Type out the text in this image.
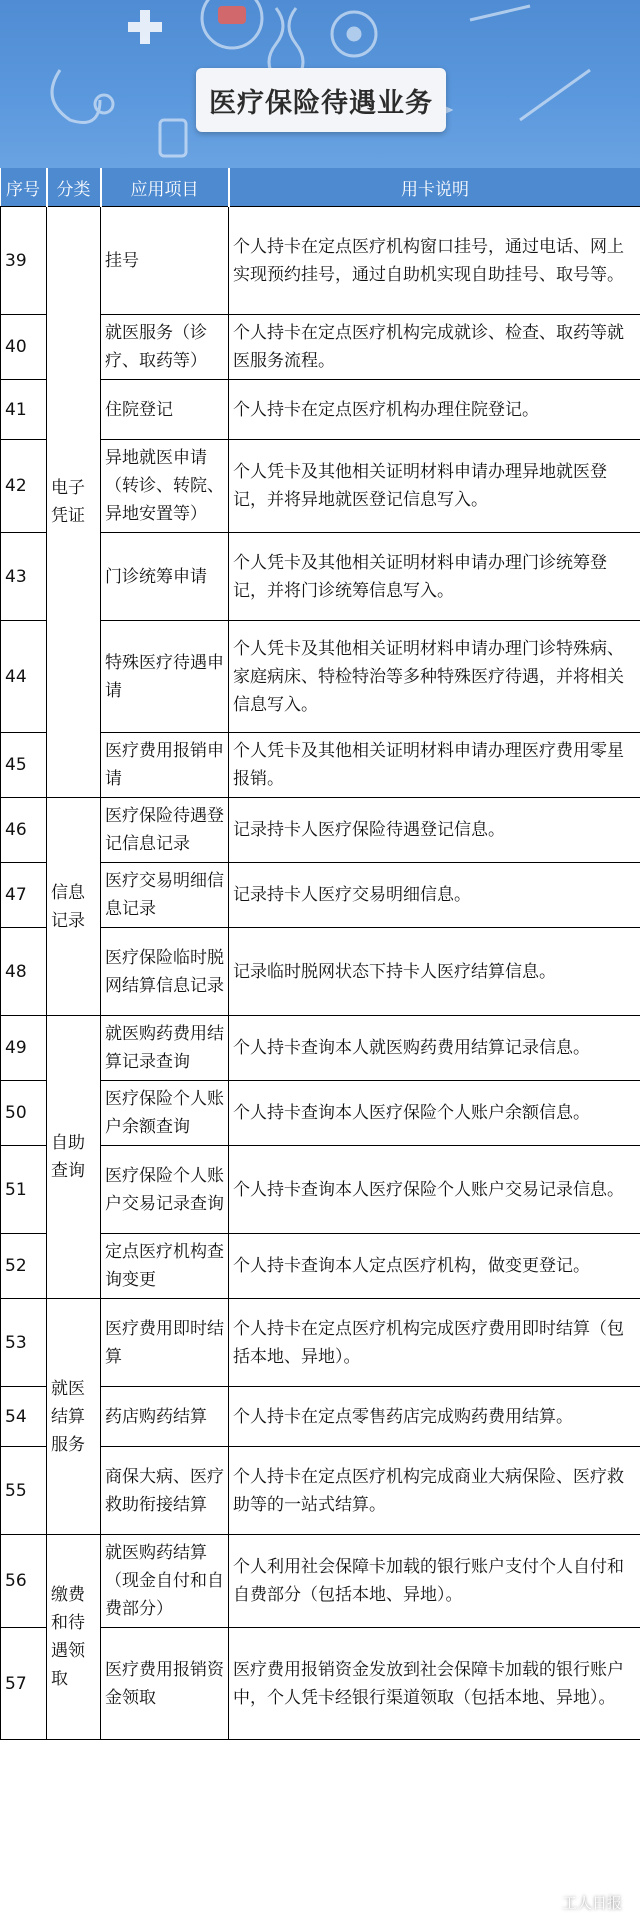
医疗保险待遇业务
序号	分类	应用项目	用卡说明
39	电子凭证	挂号	个人持卡在定点医疗机构窗口挂号，通过电话、网上实现预约挂号，通过自助机实现自助挂号、取号等。
40		就医服务（诊疗、取药等）	个人持卡在定点医疗机构完成就诊、检查、取药等就医服务流程。
41		住院登记	个人持卡在定点医疗机构办理住院登记。
42		异地就医申请（转诊、转院、异地安置等）	个人凭卡及其他相关证明材料申请办理异地就医登记，并将异地就医登记信息写入。
43		门诊统筹申请	个人凭卡及其他相关证明材料申请办理门诊统筹登记，并将门诊统筹信息写入。
44		特殊医疗待遇申请	个人凭卡及其他相关证明材料申请办理门诊特殊病、家庭病床、特检特治等多种特殊医疗待遇，并将相关信息写入。
45		医疗费用报销申请	个人凭卡及其他相关证明材料申请办理医疗费用零星报销。
46	信息记录	医疗保险待遇登记信息记录	记录持卡人医疗保险待遇登记信息。
47		医疗交易明细信息记录	记录持卡人医疗交易明细信息。
48		医疗保险临时脱网结算信息记录	记录临时脱网状态下持卡人医疗结算信息。
49	自助查询	就医购药费用结算记录查询	个人持卡查询本人就医购药费用结算记录信息。
50		医疗保险个人账户余额查询	个人持卡查询本人医疗保险个人账户余额信息。
51		医疗保险个人账户交易记录查询	个人持卡查询本人医疗保险个人账户交易记录信息。
52		定点医疗机构查询变更	个人持卡查询本人定点医疗机构，做变更登记。
53	就医结算服务	医疗费用即时结算	个人持卡在定点医疗机构完成医疗费用即时结算（包括本地、异地）。
54		药店购药结算	个人持卡在定点零售药店完成购药费用结算。
55		商保大病、医疗救助衔接结算	个人持卡在定点医疗机构完成商业大病保险、医疗救助等的一站式结算。
56	缴费和待遇领取	就医购药结算（现金自付和自费部分）	个人利用社会保障卡加载的银行账户支付个人自付和自费部分（包括本地、异地）。
57		医疗费用报销资金领取	医疗费用报销资金发放到社会保障卡加载的银行账户中，个人凭卡经银行渠道领取（包括本地、异地）。
工人日报
